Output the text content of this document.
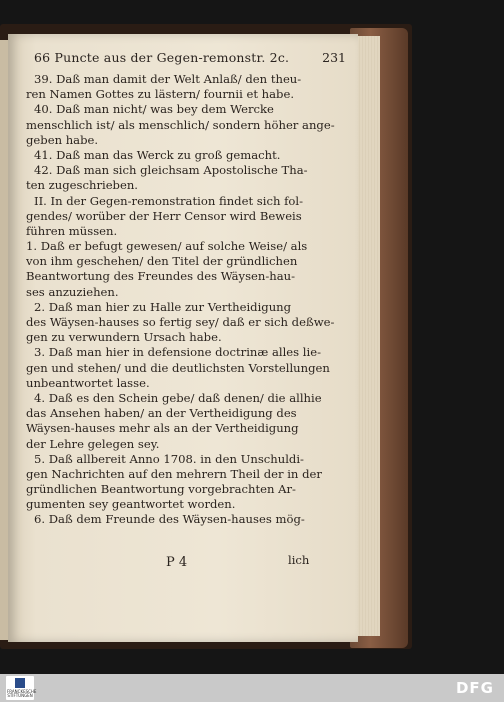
66 Puncte aus der Gegen-remonstr. 2c.	231
39. Daß man damit der Welt Anlaß/ den theu-
ren Namen Gottes zu lästern/ fournii et habe.
40. Daß man nicht/ was bey dem Wercke
menschlich ist/ als menschlich/ sondern höher ange-
geben habe.
41. Daß man das Werck zu groß gemacht.
42. Daß man sich gleichsam Apostolische Tha-
ten zugeschrieben.
II. In der Gegen-remonstration findet sich fol-
gendes/ worüber der Herr Censor wird Beweis
führen müssen.
1. Daß er befugt gewesen/ auf solche Weise/ als
von ihm geschehen/ den Titel der gründlichen
Beantwortung des Freundes des Wäysen-hau-
ses anzuziehen.
2. Daß man hier zu Halle zur Vertheidigung
des Wäysen-hauses so fertig sey/ daß er sich deßwe-
gen zu verwundern Ursach habe.
3. Daß man hier in defensione doctrinæ alles lie-
gen und stehen/ und die deutlichsten Vorstellungen
unbeantwortet lasse.
4. Daß es den Schein gebe/ daß denen/ die allhie
das Ansehen haben/ an der Vertheidigung des
Wäysen-hauses mehr als an der Vertheidigung
der Lehre gelegen sey.
5. Daß allbereit Anno 1708. in den Unschuldi-
gen Nachrichten auf den mehrern Theil der in der
gründlichen Beantwortung vorgebrachten Ar-
gumenten sey geantwortet worden.
6. Daß dem Freunde des Wäysen-hauses mög-
P 4	lich
FRANCKESCHE STIFTUNGEN	DFG
